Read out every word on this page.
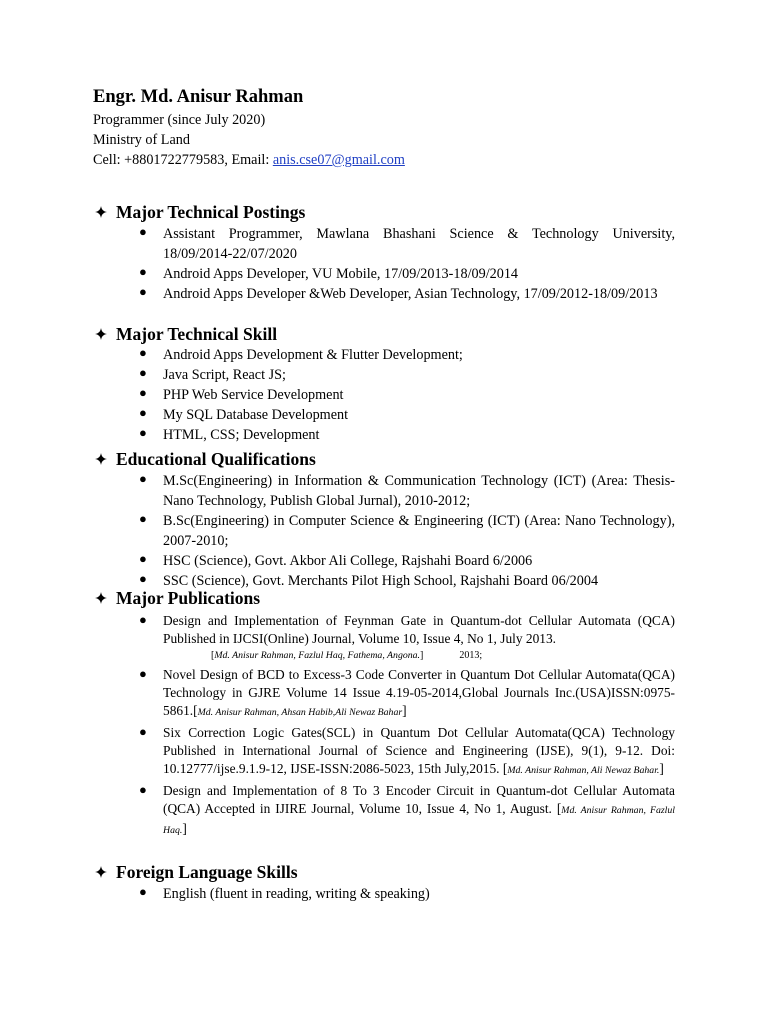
Engr. Md. Anisur Rahman
Programmer (since July 2020)
Ministry of Land
Cell: +8801722779583, Email: anis.cse07@gmail.com
Major Technical Postings
● Assistant Programmer, Mawlana Bhashani Science & Technology University, 18/09/2014-22/07/2020
● Android Apps Developer, VU Mobile, 17/09/2013-18/09/2014
● Android Apps Developer &Web Developer, Asian Technology, 17/09/2012-18/09/2013
Major Technical Skill
● Android Apps Development & Flutter Development;
● Java Script, React JS;
● PHP Web Service Development
● My SQL Database Development
● HTML, CSS; Development
Educational Qualifications
● M.Sc(Engineering) in Information & Communication Technology (ICT) (Area: Thesis- Nano Technology, Publish Global Jurnal), 2010-2012;
● B.Sc(Engineering) in Computer Science & Engineering (ICT) (Area: Nano Technology), 2007-2010;
● HSC (Science), Govt. Akbor Ali College, Rajshahi Board 6/2006
● SSC (Science), Govt. Merchants Pilot High School, Rajshahi Board 06/2004
Major Publications
● Design and Implementation of Feynman Gate in Quantum-dot Cellular Automata (QCA) Published in IJCSI(Online) Journal, Volume 10, Issue 4, No 1, July 2013.
[Md. Anisur Rahman, Fazlul Haq, Fathema, Angona.]	2013;
● Novel Design of BCD to Excess-3 Code Converter in Quantum Dot Cellular Automata(QCA) Technology in GJRE Volume 14 Issue 4.19-05-2014,Global Journals Inc.(USA)ISSN:0975-5861.[Md. Anisur Rahman, Ahsan Habib,Ali Newaz Bahar]
● Six Correction Logic Gates(SCL) in Quantum Dot Cellular Automata(QCA) Technology Published in International Journal of Science and Engineering (IJSE), 9(1), 9-12. Doi: 10.12777/ijse.9.1.9-12, IJSE-ISSN:2086-5023, 15th July,2015. [Md. Anisur Rahman, Ali Newaz Bahar.]
● Design and Implementation of 8 To 3 Encoder Circuit in Quantum-dot Cellular Automata (QCA) Accepted in IJIRE Journal, Volume 10, Issue 4, No 1, August. [Md. Anisur Rahman, Fazlul Haq.]
Foreign Language Skills
● English (fluent in reading, writing & speaking)
